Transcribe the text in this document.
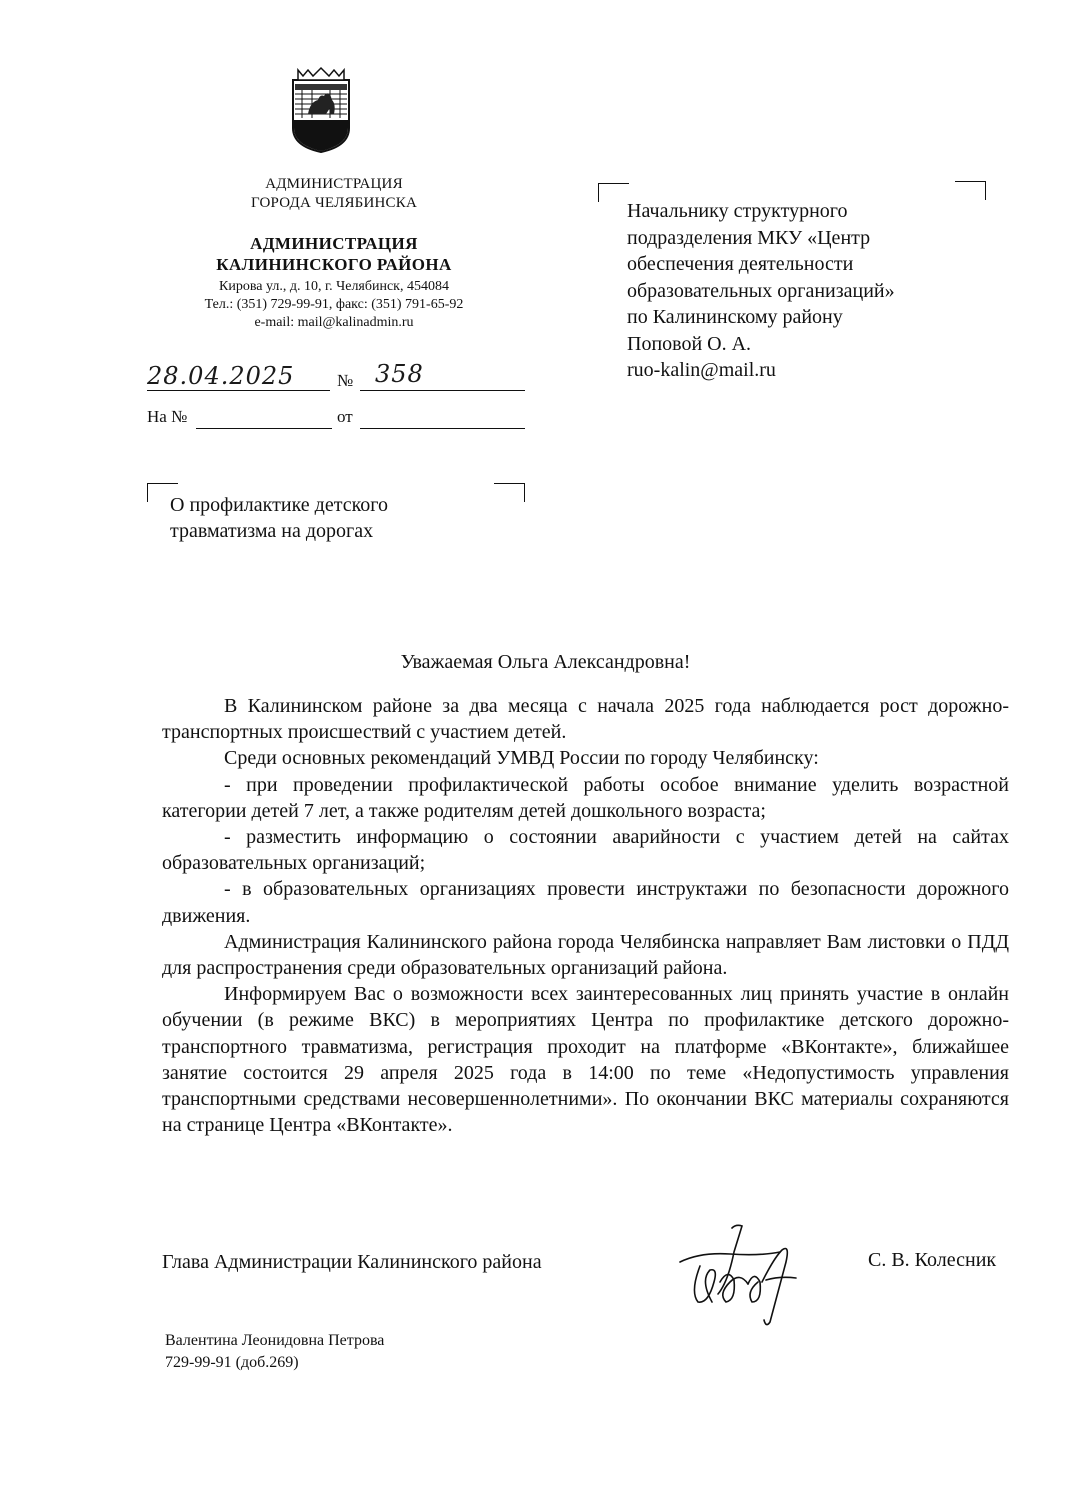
АДМИНИСТРАЦИЯ
ГОРОДА ЧЕЛЯБИНСКА
АДМИНИСТРАЦИЯ
КАЛИНИНСКОГО РАЙОНА
Кирова ул., д. 10, г. Челябинск, 454084
Тел.: (351) 729-99-91, факс: (351) 791-65-92
e-mail: mail@kalinadmin.ru
28.04.2025	№ 358
На №	от
Начальнику структурного
подразделения МКУ «Центр
обеспечения деятельности
образовательных организаций»
по Калининскому району
Поповой О. А.
ruo-kalin@mail.ru
О профилактике детского
травматизма на дорогах
Уважаемая Ольга Александровна!

В Калининском районе за два месяца с начала 2025 года наблюдается рост дорожно-транспортных происшествий с участием детей.

Среди основных рекомендаций УМВД России по городу Челябинску:

- при проведении профилактической работы особое внимание уделить возрастной категории детей 7 лет, а также родителям детей дошкольного возраста;

- разместить информацию о состоянии аварийности с участием детей на сайтах образовательных организаций;

- в образовательных организациях провести инструктажи по безопасности дорожного движения.

Администрация Калининского района города Челябинска направляет Вам листовки о ПДД для распространения среди образовательных организаций района.

Информируем Вас о возможности всех заинтересованных лиц принять участие в онлайн обучении (в режиме ВКС) в мероприятиях Центра по профилактике детского дорожно-транспортного травматизма, регистрация проходит на платформе «ВКонтакте», ближайшее занятие состоится 29 апреля 2025 года в 14:00 по теме «Недопустимость управления транспортными средствами несовершеннолетними». По окончании ВКС материалы сохраняются на странице Центра «ВКонтакте».

Глава Администрации Калининского района	С. В. Колесник
Валентина Леонидовна Петрова
729-99-91 (доб.269)
